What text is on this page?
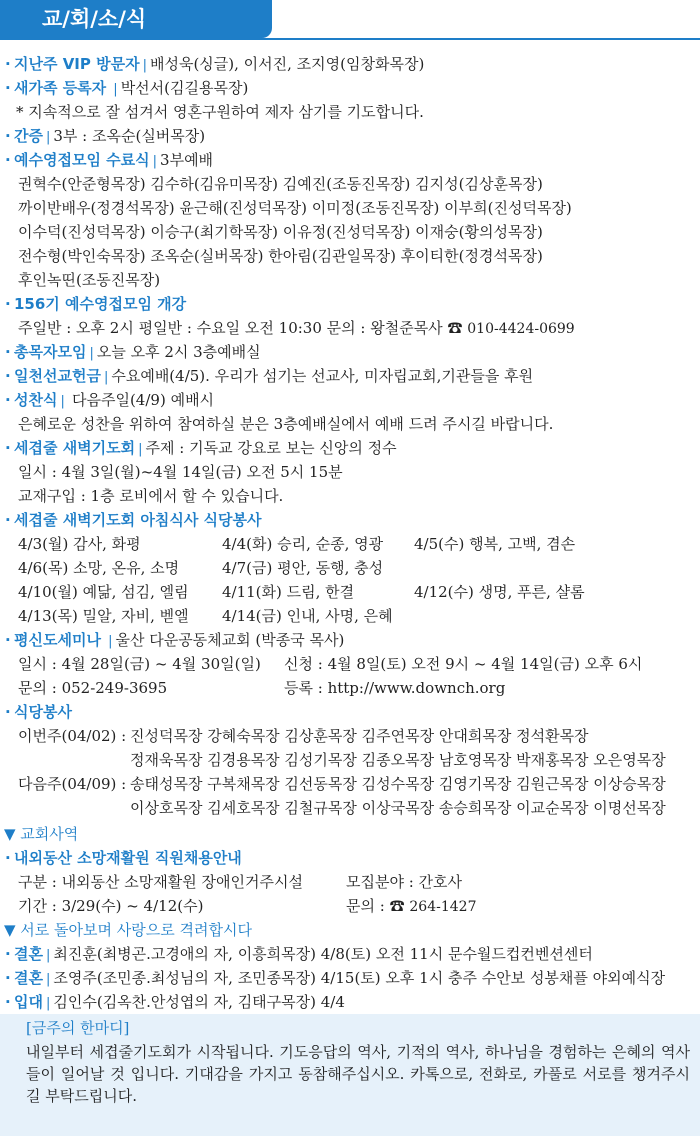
교/회/소/식
· 지난주 VIP 방문자 | 배성욱(싱글), 이서진, 조지영(임창화목장)
· 새가족 등록자 | 박선서(김길용목장)
* 지속적으로 잘 섬겨서 영혼구원하여 제자 삼기를 기도합니다.
· 간증 | 3부 : 조옥순(실버목장)
· 예수영접모임 수료식 | 3부예배
권혁수(안준형목장) 김수하(김유미목장) 김예진(조동진목장) 김지성(김상훈목장)
까이반배우(정경석목장) 윤근해(진성덕목장) 이미정(조동진목장) 이부희(진성덕목장)
이수덕(진성덕목장) 이승구(최기학목장) 이유정(진성덕목장) 이재숭(황의성목장)
전수형(박인숙목장) 조옥순(실버목장) 한아림(김관일목장) 후이티한(정경석목장)
후인녹띤(조동진목장)
· 156기 예수영접모임 개강
주일반 : 오후 2시 평일반 : 수요일 오전 10:30 문의 : 왕철준목사 ☎ 010-4424-0699
· 총목자모임 | 오늘 오후 2시 3층예배실
· 일천선교헌금 | 수요예배(4/5). 우리가 섬기는 선교사, 미자립교회,기관들을 후원
· 성찬식 | 다음주일(4/9) 예배시
은혜로운 성찬을 위하여 참여하실 분은 3층예배실에서 예배 드려 주시길 바랍니다.
· 세겹줄 새벽기도회 | 주제 : 기독교 강요로 보는 신앙의 정수
일시 : 4월 3일(월)~4월 14일(금) 오전 5시 15분
교재구입 : 1층 로비에서 할 수 있습니다.
· 세겹줄 새벽기도회 아침식사 식당봉사
4/3(월) 감사, 화평	4/4(화) 승리, 순종, 영광 4/5(수) 행복, 고백, 겸손
4/6(목) 소망, 온유, 소명	4/7(금) 평안, 동행, 충성
4/10(월) 예닮, 섬김, 엘림 4/11(화) 드림, 한결	4/12(수) 생명, 푸른, 샬롬
4/13(목) 밀알, 자비, 벧엘 4/14(금) 인내, 사명, 은혜
· 평신도세미나 | 울산 다운공동체교회 (박종국 목사)
일시 : 4월 28일(금) ~ 4월 30일(일) 신청 : 4월 8일(토) 오전 9시 ~ 4월 14일(금) 오후 6시
문의 : 052-249-3695	등록 : http://www.downch.org
· 식당봉사
이번주(04/02) : 진성덕목장 강혜숙목장 김상훈목장 김주연목장 안대희목장 정석환목장
정재욱목장 김경용목장 김성기목장 김종오목장 남호영목장 박재홍목장 오은영목장
다음주(04/09) : 송태성목장 구복채목장 김선동목장 김성수목장 김영기목장 김원근목장 이상승목장
이상호목장 김세호목장 김철규목장 이상국목장 송승희목장 이교순목장 이명선목장
▼ 교회사역
· 내외동산 소망재활원 직원채용안내
구분 : 내외동산 소망재활원 장애인거주시설	모집분야 : 간호사
기간 : 3/29(수) ~ 4/12(수)	문의 : ☎ 264-1427
▼ 서로 돌아보며 사랑으로 격려합시다
· 결혼 | 최진훈(최병곤.고경애의 자, 이흥희목장) 4/8(토) 오전 11시 문수월드컵컨벤션센터
· 결혼 | 조영주(조민종.최성님의 자, 조민종목장) 4/15(토) 오후 1시 충주 수안보 성봉채플 야외예식장
· 입대 | 김인수(김옥찬.안성엽의 자, 김태구목장) 4/4
[금주의 한마디]
내일부터 세겹줄기도회가 시작됩니다. 기도응답의 역사, 기적의 역사, 하나님을 경험하는 은혜의 역사들이 일어날 것 입니다. 기대감을 가지고 동참해주십시오. 카톡으로, 전화로, 카풀로 서로를 챙겨주시길 부탁드립니다.
